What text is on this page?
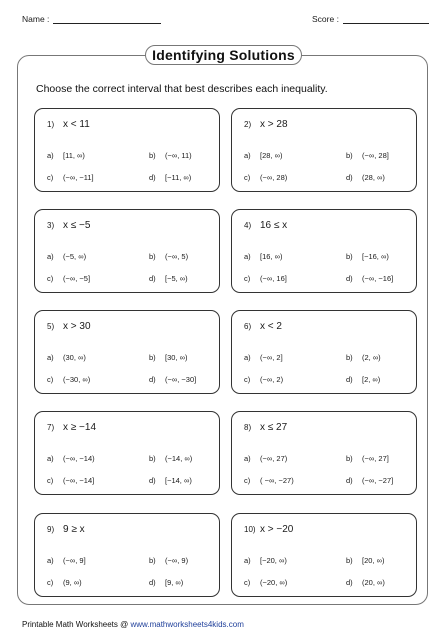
Name :	Score :
Identifying Solutions
Choose the correct interval that best describes each inequality.
1) x < 11
a) [11, ∞)	b) (−∞, 11)
c) (−∞, −11]	d) [−11, ∞)
2) x > 28
a) [28, ∞)	b) (−∞, 28]
c) (−∞, 28)	d) (28, ∞)
3) x ≤ −5
a) (−5, ∞)	b) (−∞, 5)
c) (−∞, −5]	d) [−5, ∞)
4) 16 ≤ x
a) [16, ∞)	b) [−16, ∞)
c) (−∞, 16]	d) (−∞, −16]
5) x > 30
a) (30, ∞)	b) [30, ∞)
c) (−30, ∞)	d) (−∞, −30]
6) x < 2
a) (−∞, 2]	b) (2, ∞)
c) (−∞, 2)	d) [2, ∞)
7) x ≥ −14
a) (−∞, −14)	b) (−14, ∞)
c) (−∞, −14]	d) [−14, ∞)
8) x ≤ 27
a) (−∞, 27)	b) (−∞, 27]
c) ( −∞, −27)	d) (−∞, −27]
9) 9 ≥ x
a) (−∞, 9]	b) (−∞, 9)
c) (9, ∞)	d) [9, ∞)
10) x > −20
a) [−20, ∞)	b) [20, ∞)
c) (−20, ∞)	d) (20, ∞)
Printable Math Worksheets @ www.mathworksheets4kids.com
